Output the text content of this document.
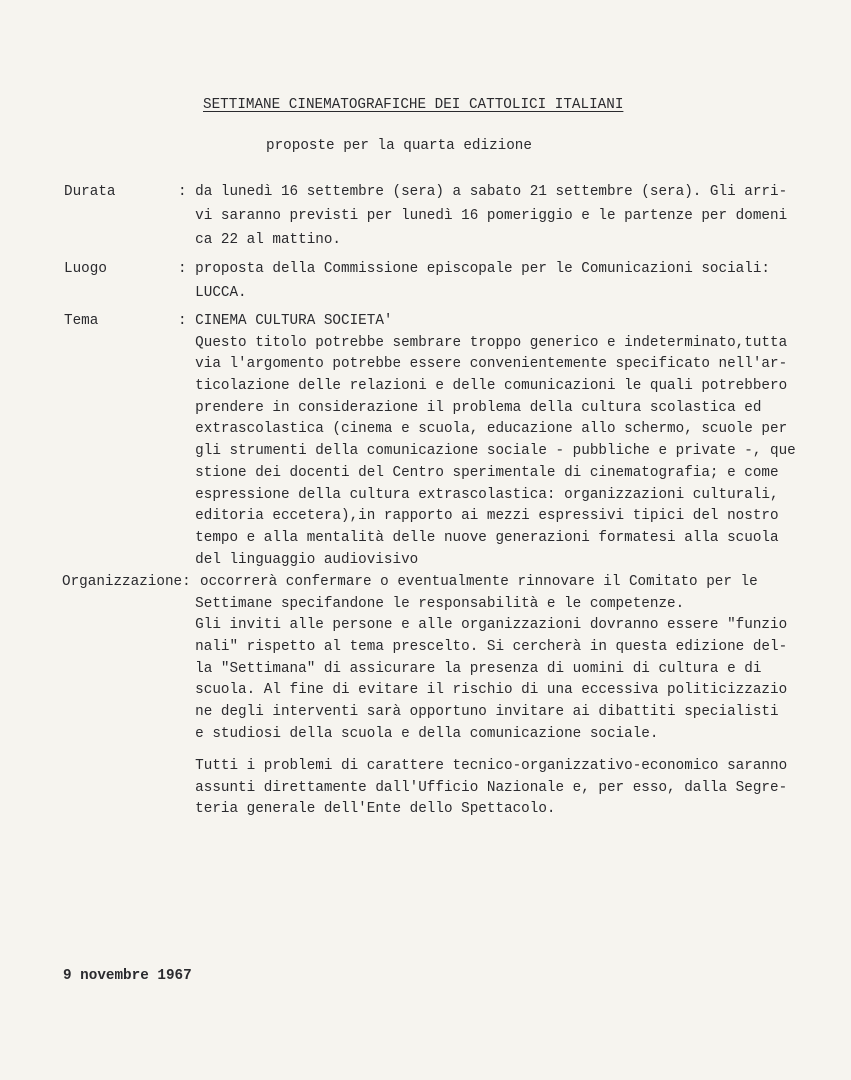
SETTIMANE CINEMATOGRAFICHE DEI CATTOLICI ITALIANI
proposte per la quarta edizione
Durata	: da lunedì 16 settembre (sera) a sabato 21 settembre (sera). Gli arri-
vi saranno previsti per lunedì 16 pomeriggio e le partenze per domeni
ca 22 al mattino.
Luogo	: proposta della Commissione episcopale per le Comunicazioni sociali:
LUCCA.
Tema	: CINEMA CULTURA SOCIETA'
Questo titolo potrebbe sembrare troppo generico e indeterminato,tutta
via l'argomento potrebbe essere convenientemente specificato nell'ar-
ticolazione delle relazioni e delle comunicazioni le quali potrebbero
prendere in considerazione il problema della cultura scolastica ed
extrascolastica (cinema e scuola, educazione allo schermo, scuole per
gli strumenti della comunicazione sociale - pubbliche e private -, que
stione dei docenti del Centro sperimentale di cinematografia; e come
espressione della cultura extrascolastica: organizzazioni culturali,
editoria eccetera),in rapporto ai mezzi espressivi tipici del nostro
tempo e alla mentalità delle nuove generazioni formatesi alla scuola
del linguaggio audiovisivo
Organizzazione: occorrerà confermare o eventualmente rinnovare il Comitato per le
Settimane specifandone le responsabilità e le competenze.
Gli inviti alle persone e alle organizzazioni dovranno essere "funzio
nali" rispetto al tema prescelto. Si cercherà in questa edizione del-
la "Settimana" di assicurare la presenza di uomini di cultura e di
scuola. Al fine di evitare il rischio di una eccessiva politicizzazio
ne degli interventi sarà opportuno invitare ai dibattiti specialisti
e studiosi della scuola e della comunicazione sociale.
Tutti i problemi di carattere tecnico-organizzativo-economico saranno
assunti direttamente dall'Ufficio Nazionale e, per esso, dalla Segre-
teria generale dell'Ente dello Spettacolo.
9 novembre 1967
